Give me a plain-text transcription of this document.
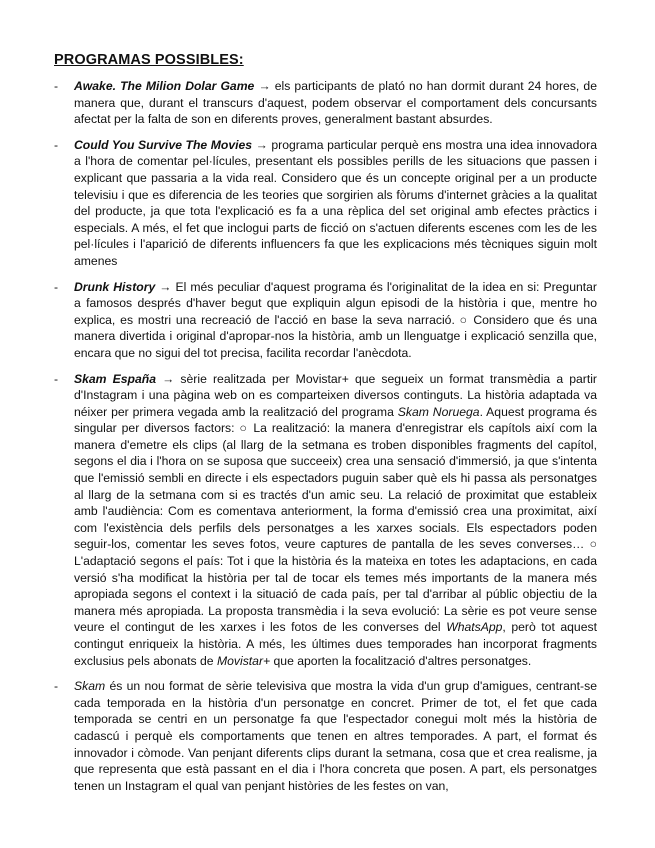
PROGRAMAS POSSIBLES:
- Awake. The Milion Dolar Game → els participants de plató no han dormit durant 24 hores, de manera que, durant el transcurs d'aquest, podem observar el comportament dels concursants afectat per la falta de son en diferents proves, generalment bastant absurdes.
- Could You Survive The Movies → programa particular perquè ens mostra una idea innovadora a l'hora de comentar pel·lícules, presentant els possibles perills de les situacions que passen i explicant que passaria a la vida real. Considero que és un concepte original per a un producte televisiu i que es diferencia de les teories que sorgirien als fòrums d'internet gràcies a la qualitat del producte, ja que tota l'explicació es fa a una rèplica del set original amb efectes pràctics i especials. A més, el fet que inclogui parts de ficció on s'actuen diferents escenes com les de les pel·lícules i l'aparició de diferents influencers fa que les explicacions més tècniques siguin molt amenes
- Drunk History → El més peculiar d'aquest programa és l'originalitat de la idea en si: Preguntar a famosos després d'haver begut que expliquin algun episodi de la història i que, mentre ho explica, es mostri una recreació de l'acció en base la seva narració. ○ Considero que és una manera divertida i original d'apropar-nos la història, amb un llenguatge i explicació senzilla que, encara que no sigui del tot precisa, facilita recordar l'anècdota.
- Skam España → sèrie realitzada per Movistar+ que segueix un format transmèdia a partir d'Instagram i una pàgina web on es comparteixen diversos continguts. La història adaptada va néixer per primera vegada amb la realització del programa Skam Noruega. Aquest programa és singular per diversos factors: ○ La realització: la manera d'enregistrar els capítols així com la manera d'emetre els clips (al llarg de la setmana es troben disponibles fragments del capítol, segons el dia i l'hora on se suposa que succeeix) crea una sensació d'immersió, ja que s'intenta que l'emissió sembli en directe i els espectadors puguin saber què els hi passa als personatges al llarg de la setmana com si es tractés d'un amic seu. La relació de proximitat que estableix amb l'audiència: Com es comentava anteriorment, la forma d'emissió crea una proximitat, així com l'existència dels perfils dels personatges a les xarxes socials. Els espectadors poden seguir-los, comentar les seves fotos, veure captures de pantalla de les seves converses… ○ L'adaptació segons el país: Tot i que la història és la mateixa en totes les adaptacions, en cada versió s'ha modificat la història per tal de tocar els temes més importants de la manera més apropiada segons el context i la situació de cada país, per tal d'arribar al públic objectiu de la manera més apropiada. La proposta transmèdia i la seva evolució: La sèrie es pot veure sense veure el contingut de les xarxes i les fotos de les converses del WhatsApp, però tot aquest contingut enriqueix la història. A més, les últimes dues temporades han incorporat fragments exclusius pels abonats de Movistar+ que aporten la focalització d'altres personatges.
- Skam és un nou format de sèrie televisiva que mostra la vida d'un grup d'amigues, centrant-se cada temporada en la història d'un personatge en concret. Primer de tot, el fet que cada temporada se centri en un personatge fa que l'espectador conegui molt més la història de cadascú i perquè els comportaments que tenen en altres temporades. A part, el format és innovador i còmode. Van penjant diferents clips durant la setmana, cosa que et crea realisme, ja que representa que està passant en el dia i l'hora concreta que posen. A part, els personatges tenen un Instagram el qual van penjant històries de les festes on van,
